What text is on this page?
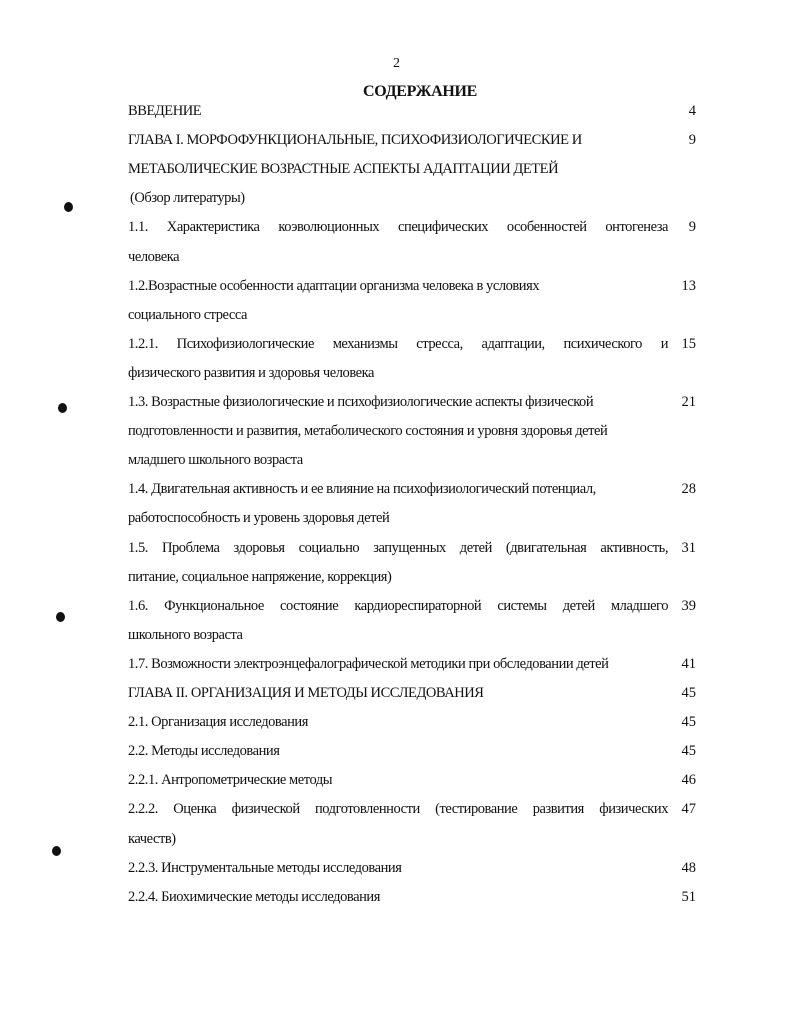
2
СОДЕРЖАНИЕ
ВВЕДЕНИЕ	4
ГЛАВА I. МОРФОФУНКЦИОНАЛЬНЫЕ, ПСИХОФИЗИОЛОГИЧЕСКИЕ И	9
МЕТАБОЛИЧЕСКИЕ ВОЗРАСТНЫЕ АСПЕКТЫ АДАПТАЦИИ ДЕТЕЙ
(Обзор литературы)
1.1. Характеристика коэволюционных специфических особенностей онтогенеза 9
человека
1.2.Возрастные особенности адаптации организма человека в условиях	13
социального стресса
1.2.1. Психофизиологические механизмы стресса, адаптации, психического и 15
физического развития и здоровья человека
1.3. Возрастные физиологические и психофизиологические аспекты физической	21
подготовленности и развития, метаболического состояния и уровня здоровья детей
младшего школьного возраста
1.4. Двигательная активность и ее влияние на психофизиологический потенциал,	28
работоспособность и уровень здоровья детей
1.5. Проблема здоровья социально запущенных детей (двигательная активность, 31
питание, социальное напряжение, коррекция)
1.6. Функциональное состояние кардиореспираторной системы детей младшего 39
школьного возраста
1.7. Возможности электроэнцефалографической методики при обследовании детей	41
ГЛАВА II. ОРГАНИЗАЦИЯ И МЕТОДЫ ИССЛЕДОВАНИЯ	45
2.1. Организация исследования	45
2.2. Методы исследования	45
2.2.1. Антропометрические методы	46
2.2.2. Оценка физической подготовленности (тестирование развития физических 47
качеств)
2.2.3. Инструментальные методы исследования	48
2.2.4. Биохимические методы исследования	51
